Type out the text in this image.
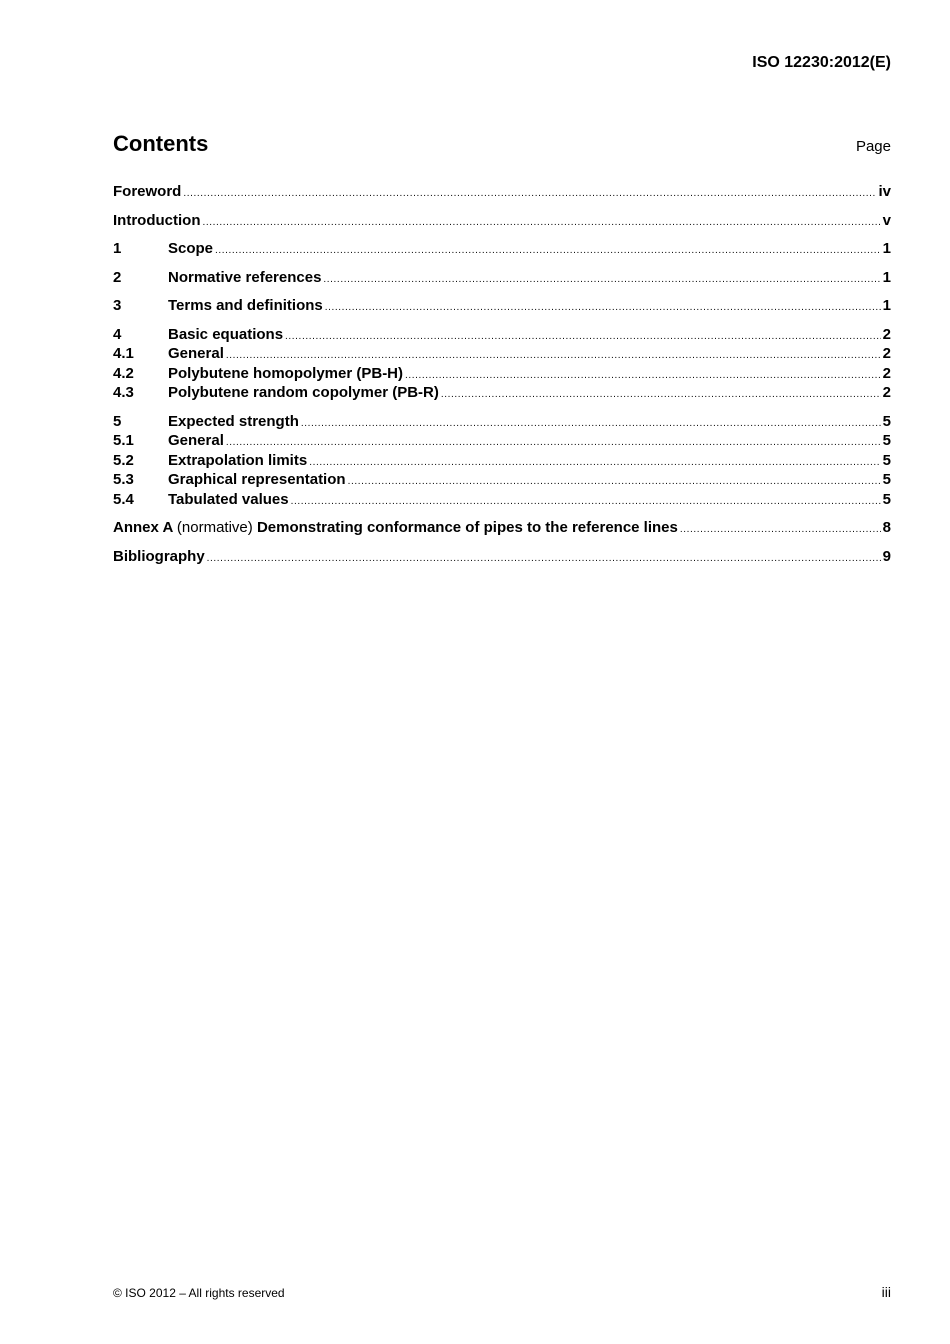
ISO 12230:2012(E)
Contents	Page
Foreword .....	iv
Introduction .....	v
1	Scope .....	1
2	Normative references .....	1
3	Terms and definitions .....	1
4	Basic equations .....	2
4.1	General .....	2
4.2	Polybutene homopolymer (PB-H) .....	2
4.3	Polybutene random copolymer (PB-R) .....	2
5	Expected strength .....	5
5.1	General .....	5
5.2	Extrapolation limits .....	5
5.3	Graphical representation .....	5
5.4	Tabulated values .....	5
Annex A (normative) Demonstrating conformance of pipes to the reference lines .....	8
Bibliography .....	9
© ISO 2012 – All rights reserved	iii
